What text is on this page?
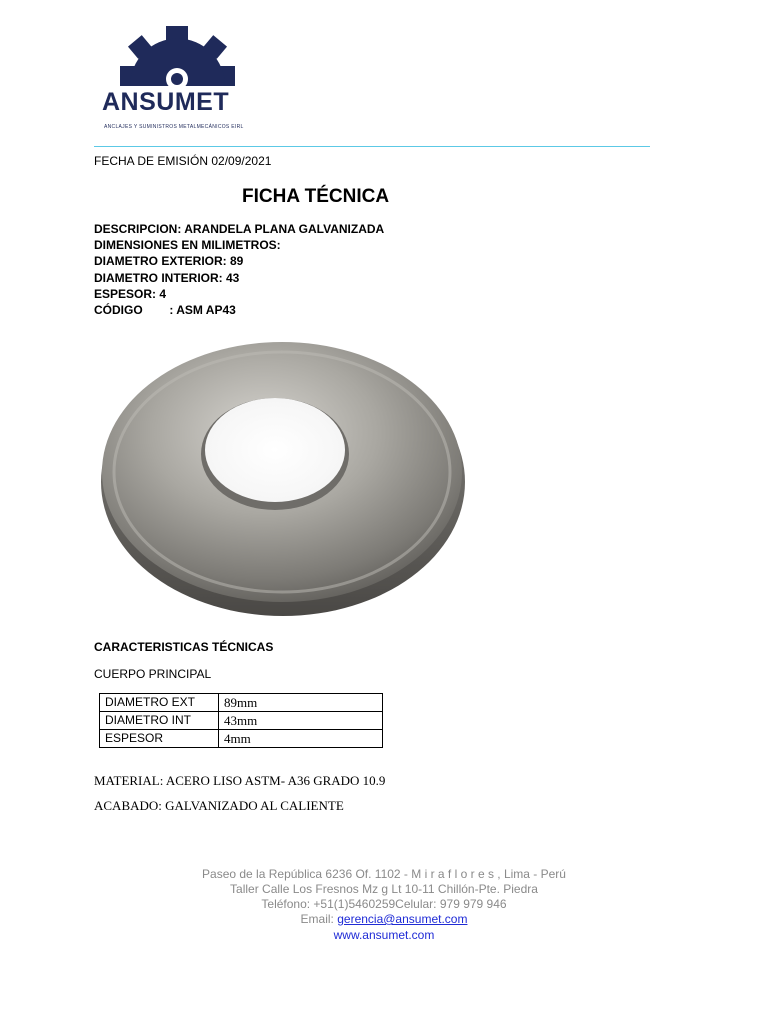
ANSUMET
ANCLAJES Y SUMINISTROS METALMECÁNICOS EIRL
FECHA DE EMISIÓN 02/09/2021
FICHA TÉCNICA
DESCRIPCION: ARANDELA PLANA GALVANIZADA
DIMENSIONES EN MILIMETROS:
DIAMETRO EXTERIOR: 89
DIAMETRO INTERIOR: 43
ESPESOR: 4
CÓDIGO        : ASM AP43
CARACTERISTICAS TÉCNICAS
CUERPO PRINCIPAL
DIAMETRO EXT	89mm
DIAMETRO INT	43mm
ESPESOR	4mm
MATERIAL: ACERO LISO ASTM- A36 GRADO 10.9
ACABADO: GALVANIZADO AL CALIENTE
Paseo de la República 6236 Of. 1102 - M i r a f l o r e s , Lima - Perú
Taller Calle Los Fresnos Mz g Lt 10-11 Chillón-Pte. Piedra
Teléfono: +51(1)5460259Celular: 979 979 946
Email: gerencia@ansumet.com
www.ansumet.com
